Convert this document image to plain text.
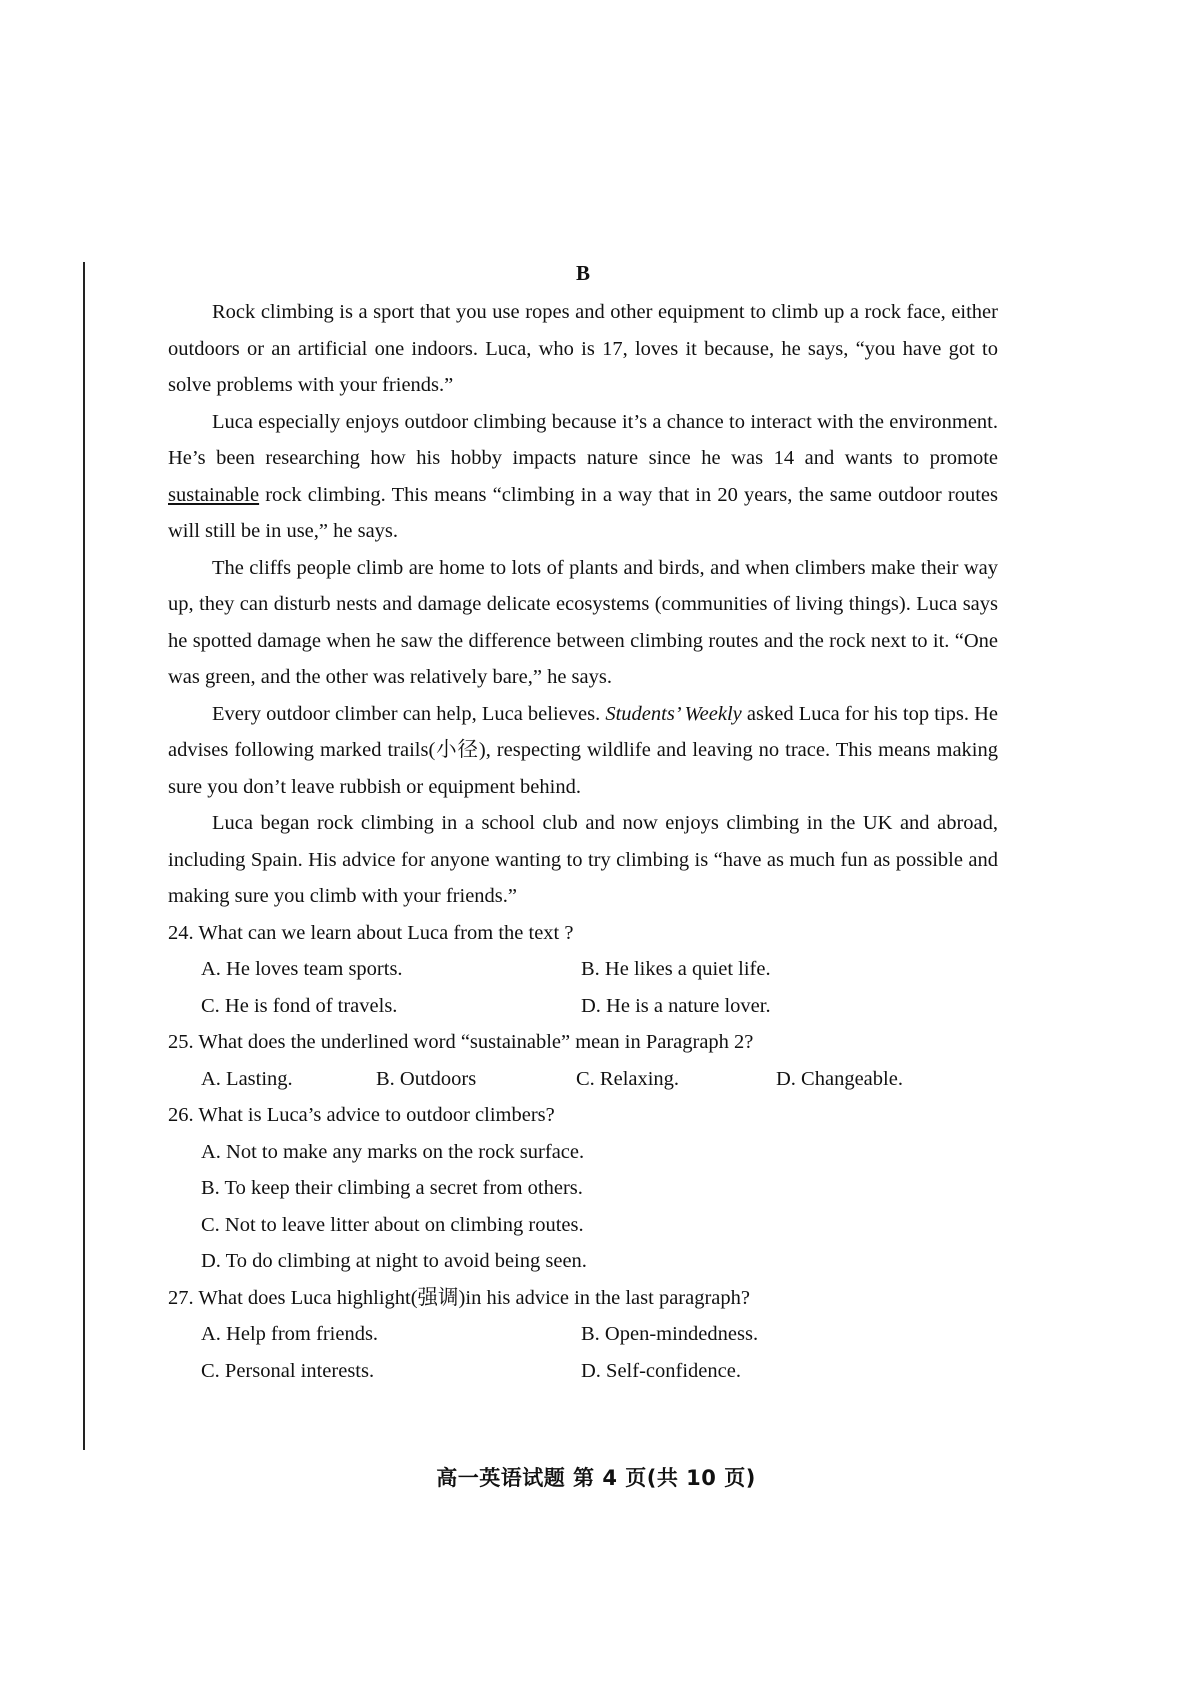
B

Rock climbing is a sport that you use ropes and other equipment to climb up a rock face, either outdoors or an artificial one indoors. Luca, who is 17, loves it because, he says, “you have got to solve problems with your friends.”

Luca especially enjoys outdoor climbing because it’s a chance to interact with the environment. He’s been researching how his hobby impacts nature since he was 14 and wants to promote sustainable rock climbing. This means “climbing in a way that in 20 years, the same outdoor routes will still be in use,” he says.

The cliffs people climb are home to lots of plants and birds, and when climbers make their way up, they can disturb nests and damage delicate ecosystems (communities of living things). Luca says he spotted damage when he saw the difference between climbing routes and the rock next to it. “One was green, and the other was relatively bare,” he says.

Every outdoor climber can help, Luca believes. Students’ Weekly asked Luca for his top tips. He advises following marked trails(小径), respecting wildlife and leaving no trace. This means making sure you don’t leave rubbish or equipment behind.

Luca began rock climbing in a school club and now enjoys climbing in the UK and abroad, including Spain. His advice for anyone wanting to try climbing is “have as much fun as possible and making sure you climb with your friends.”

24. What can we learn about Luca from the text ?

A. He loves team sports.	B. He likes a quiet life.
C. He is fond of travels.	D. He is a nature lover.

25. What does the underlined word “sustainable” mean in Paragraph 2?

A. Lasting.	B. Outdoors	C. Relaxing.	D. Changeable.

26. What is Luca’s advice to outdoor climbers?

A. Not to make any marks on the rock surface.
B. To keep their climbing a secret from others.
C. Not to leave litter about on climbing routes.
D. To do climbing at night to avoid being seen.

27. What does Luca highlight(强调)in his advice in the last paragraph?

A. Help from friends.	B. Open-mindedness.
C. Personal interests.	D. Self-confidence.
高一英语试题 第 4 页(共 10 页)
